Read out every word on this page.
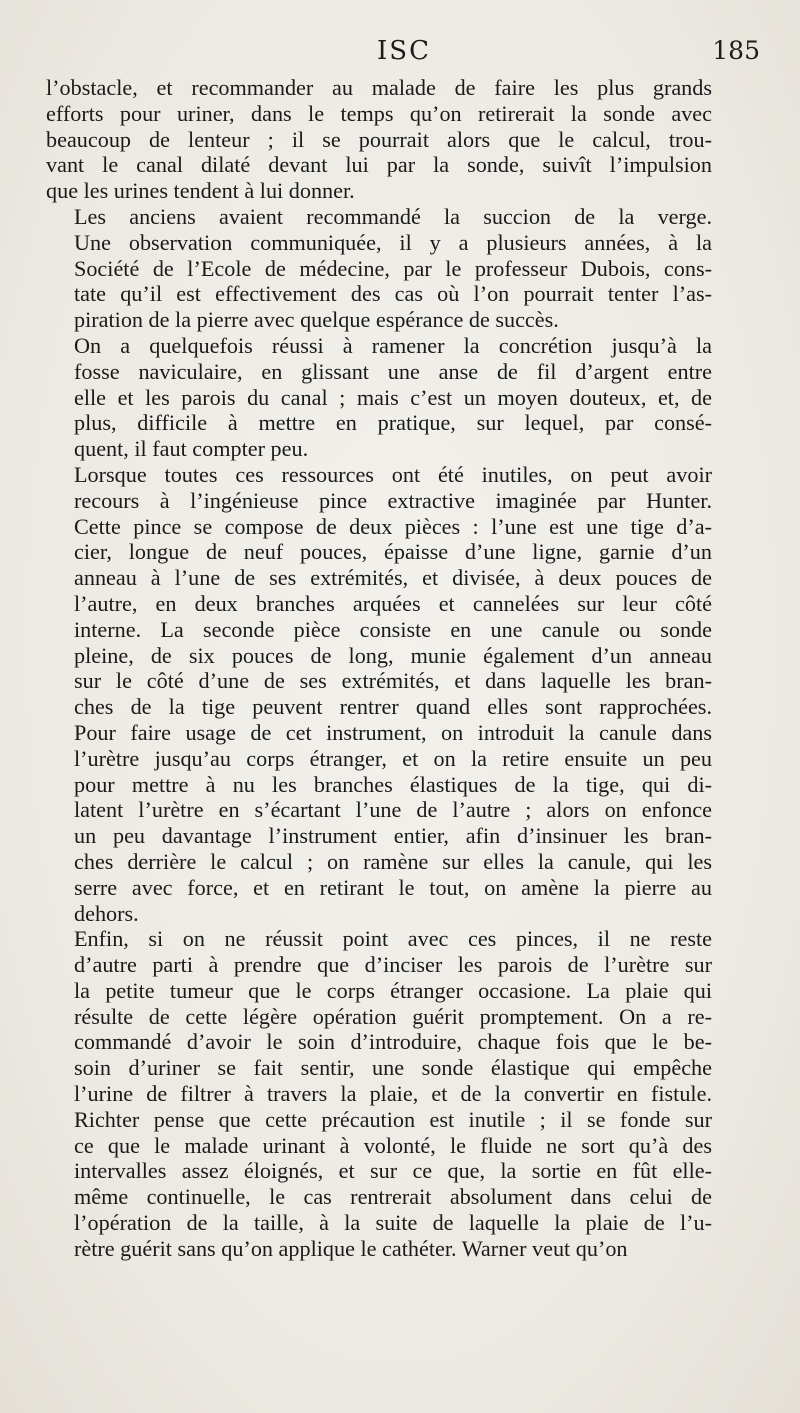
ISC	185

l’obstacle, et recommander au malade de faire les plus grands
efforts pour uriner, dans le temps qu’on retirerait la sonde avec
beaucoup de lenteur ; il se pourrait alors que le calcul, trou-
vant le canal dilaté devant lui par la sonde, suivît l’impulsion
que les urines tendent à lui donner.

Les anciens avaient recommandé la succion de la verge.
Une observation communiquée, il y a plusieurs années, à la
Société de l’Ecole de médecine, par le professeur Dubois, cons-
tate qu’il est effectivement des cas où l’on pourrait tenter l’as-
piration de la pierre avec quelque espérance de succès.

On a quelquefois réussi à ramener la concrétion jusqu’à la
fosse naviculaire, en glissant une anse de fil d’argent entre
elle et les parois du canal ; mais c’est un moyen douteux, et, de
plus, difficile à mettre en pratique, sur lequel, par consé-
quent, il faut compter peu.

Lorsque toutes ces ressources ont été inutiles, on peut avoir
recours à l’ingénieuse pince extractive imaginée par Hunter.
Cette pince se compose de deux pièces : l’une est une tige d’a-
cier, longue de neuf pouces, épaisse d’une ligne, garnie d’un
anneau à l’une de ses extrémités, et divisée, à deux pouces de
l’autre, en deux branches arquées et cannelées sur leur côté
interne. La seconde pièce consiste en une canule ou sonde
pleine, de six pouces de long, munie également d’un anneau
sur le côté d’une de ses extrémités, et dans laquelle les bran-
ches de la tige peuvent rentrer quand elles sont rapprochées.
Pour faire usage de cet instrument, on introduit la canule dans
l’urètre jusqu’au corps étranger, et on la retire ensuite un peu
pour mettre à nu les branches élastiques de la tige, qui di-
latent l’urètre en s’écartant l’une de l’autre ; alors on enfonce
un peu davantage l’instrument entier, afin d’insinuer les bran-
ches derrière le calcul ; on ramène sur elles la canule, qui les
serre avec force, et en retirant le tout, on amène la pierre au
dehors.

Enfin, si on ne réussit point avec ces pinces, il ne reste
d’autre parti à prendre que d’inciser les parois de l’urètre sur
la petite tumeur que le corps étranger occasione. La plaie qui
résulte de cette légère opération guérit promptement. On a re-
commandé d’avoir le soin d’introduire, chaque fois que le be-
soin d’uriner se fait sentir, une sonde élastique qui empêche
l’urine de filtrer à travers la plaie, et de la convertir en fistule.
Richter pense que cette précaution est inutile ; il se fonde sur
ce que le malade urinant à volonté, le fluide ne sort qu’à des
intervalles assez éloignés, et sur ce que, la sortie en fût elle-
même continuelle, le cas rentrerait absolument dans celui de
l’opération de la taille, à la suite de laquelle la plaie de l’u-
rètre guérit sans qu’on applique le cathéter. Warner veut qu’on
